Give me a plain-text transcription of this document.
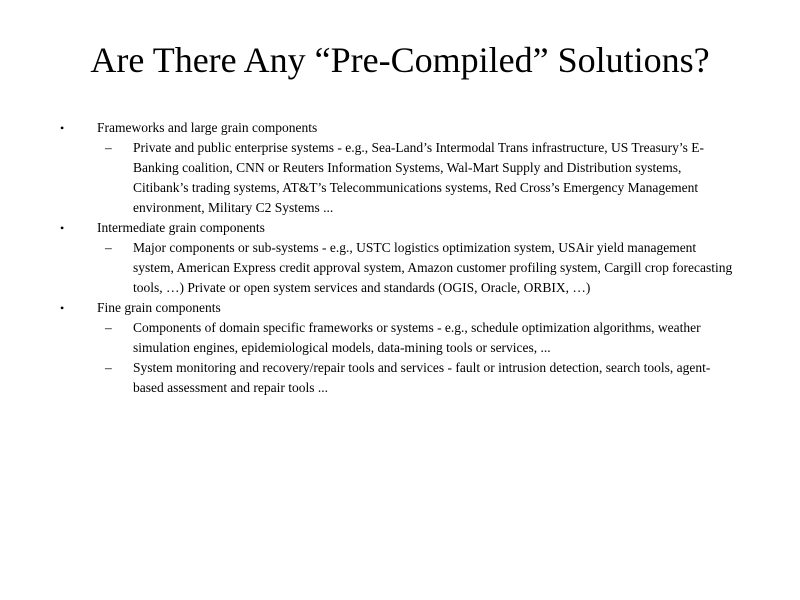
Are There Any “Pre-Compiled” Solutions?
• Frameworks and large grain components
– Private and public enterprise systems - e.g., Sea-Land’s Intermodal Trans infrastructure, US Treasury’s E-Banking coalition, CNN or Reuters Information Systems, Wal-Mart Supply and Distribution systems, Citibank’s trading systems, AT&T’s Telecommunications systems, Red Cross’s Emergency Management environment, Military C2 Systems ...
• Intermediate grain components
– Major components or sub-systems - e.g., USTC logistics optimization system, USAir yield management system, American Express credit approval system, Amazon customer profiling system, Cargill crop forecasting tools, …) Private or open system services and standards (OGIS, Oracle, ORBIX, …)
• Fine grain components
– Components of domain specific frameworks or systems - e.g., schedule optimization algorithms, weather simulation engines, epidemiological models, data-mining tools or services, ...
– System monitoring and recovery/repair tools and services - fault or intrusion detection, search tools, agent-based assessment and repair tools ...
